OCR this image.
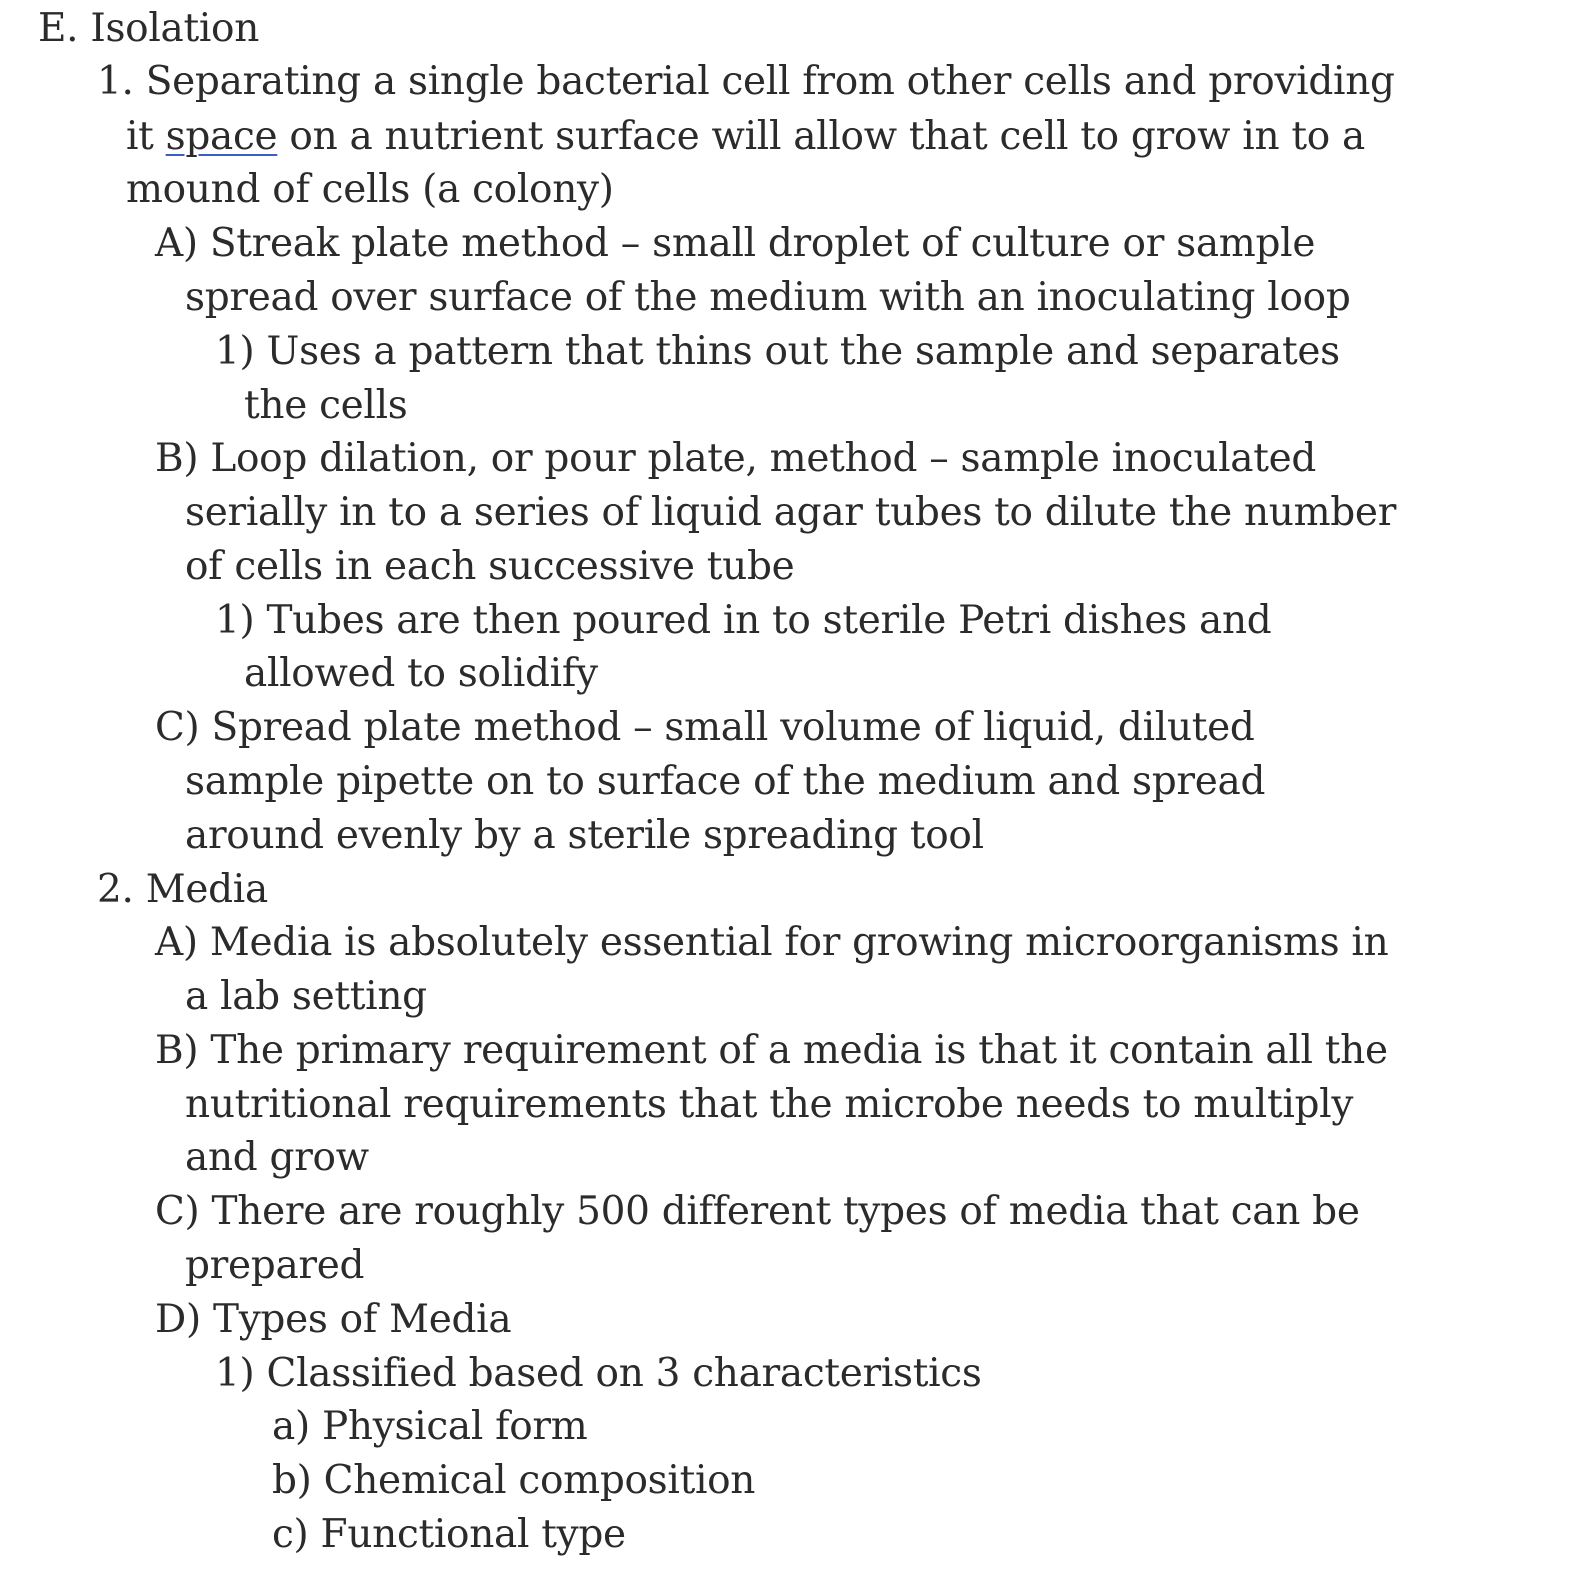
E. Isolation
1. Separating a single bacterial cell from other cells and providing
it space on a nutrient surface will allow that cell to grow in to a
mound of cells (a colony)
A) Streak plate method – small droplet of culture or sample
spread over surface of the medium with an inoculating loop
1) Uses a pattern that thins out the sample and separates
the cells
B) Loop dilation, or pour plate, method – sample inoculated
serially in to a series of liquid agar tubes to dilute the number
of cells in each successive tube
1) Tubes are then poured in to sterile Petri dishes and
allowed to solidify
C) Spread plate method – small volume of liquid, diluted
sample pipette on to surface of the medium and spread
around evenly by a sterile spreading tool
2. Media
A) Media is absolutely essential for growing microorganisms in
a lab setting
B) The primary requirement of a media is that it contain all the
nutritional requirements that the microbe needs to multiply
and grow
C) There are roughly 500 different types of media that can be
prepared
D) Types of Media
1) Classified based on 3 characteristics
a) Physical form
b) Chemical composition
c) Functional type
